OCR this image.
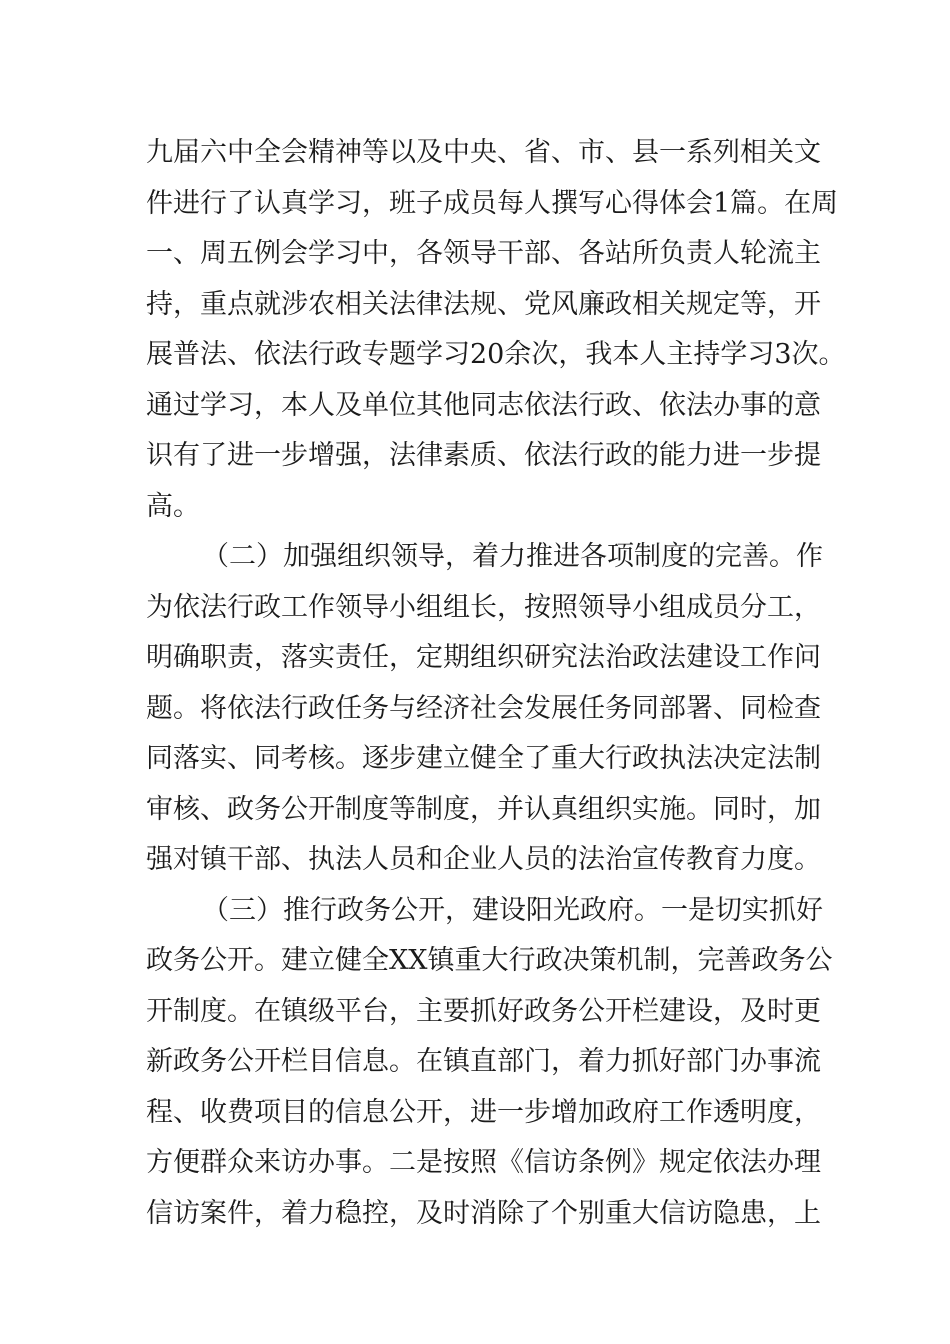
九届六中全会精神等以及中央、省、市、县一系列相关文
件进行了认真学习，班子成员每人撰写心得体会1篇。在周
一、周五例会学习中，各领导干部、各站所负责人轮流主
持，重点就涉农相关法律法规、党风廉政相关规定等，开
展普法、依法行政专题学习20余次，我本人主持学习3次。
通过学习，本人及单位其他同志依法行政、依法办事的意
识有了进一步增强，法律素质、依法行政的能力进一步提
高。
（二）加强组织领导，着力推进各项制度的完善。作
为依法行政工作领导小组组长，按照领导小组成员分工，
明确职责，落实责任，定期组织研究法治政法建设工作问
题。将依法行政任务与经济社会发展任务同部署、同检查
同落实、同考核。逐步建立健全了重大行政执法决定法制
审核、政务公开制度等制度，并认真组织实施。同时，加
强对镇干部、执法人员和企业人员的法治宣传教育力度。
（三）推行政务公开，建设阳光政府。一是切实抓好
政务公开。建立健全XX镇重大行政决策机制，完善政务公
开制度。在镇级平台，主要抓好政务公开栏建设，及时更
新政务公开栏目信息。在镇直部门，着力抓好部门办事流
程、收费项目的信息公开，进一步增加政府工作透明度，
方便群众来访办事。二是按照《信访条例》规定依法办理
信访案件，着力稳控，及时消除了个别重大信访隐患，上
